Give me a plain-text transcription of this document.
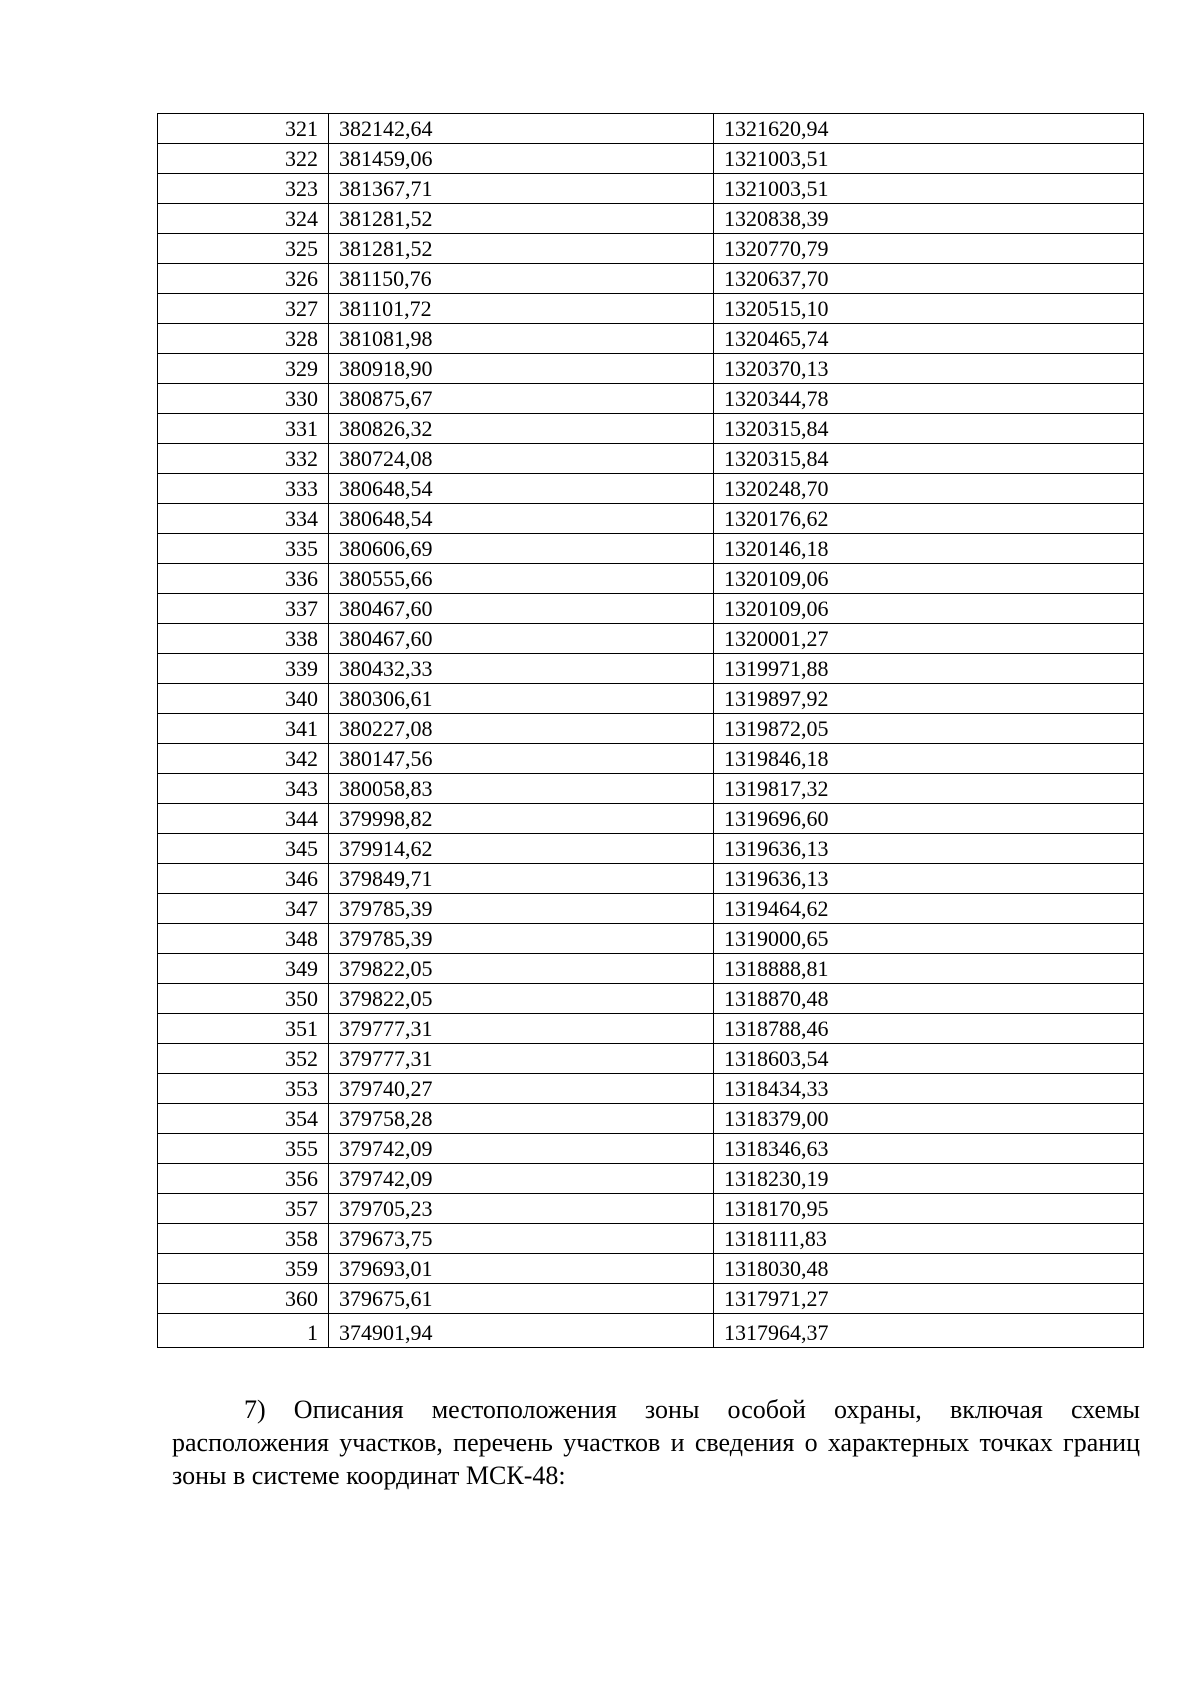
321	382142,64	1321620,94
322	381459,06	1321003,51
323	381367,71	1321003,51
324	381281,52	1320838,39
325	381281,52	1320770,79
326	381150,76	1320637,70
327	381101,72	1320515,10
328	381081,98	1320465,74
329	380918,90	1320370,13
330	380875,67	1320344,78
331	380826,32	1320315,84
332	380724,08	1320315,84
333	380648,54	1320248,70
334	380648,54	1320176,62
335	380606,69	1320146,18
336	380555,66	1320109,06
337	380467,60	1320109,06
338	380467,60	1320001,27
339	380432,33	1319971,88
340	380306,61	1319897,92
341	380227,08	1319872,05
342	380147,56	1319846,18
343	380058,83	1319817,32
344	379998,82	1319696,60
345	379914,62	1319636,13
346	379849,71	1319636,13
347	379785,39	1319464,62
348	379785,39	1319000,65
349	379822,05	1318888,81
350	379822,05	1318870,48
351	379777,31	1318788,46
352	379777,31	1318603,54
353	379740,27	1318434,33
354	379758,28	1318379,00
355	379742,09	1318346,63
356	379742,09	1318230,19
357	379705,23	1318170,95
358	379673,75	1318111,83
359	379693,01	1318030,48
360	379675,61	1317971,27
1	374901,94	1317964,37

7) Описания местоположения зоны особой охраны, включая схемы расположения участков, перечень участков и сведения о характерных точках границ зоны в системе координат МСК-48:
